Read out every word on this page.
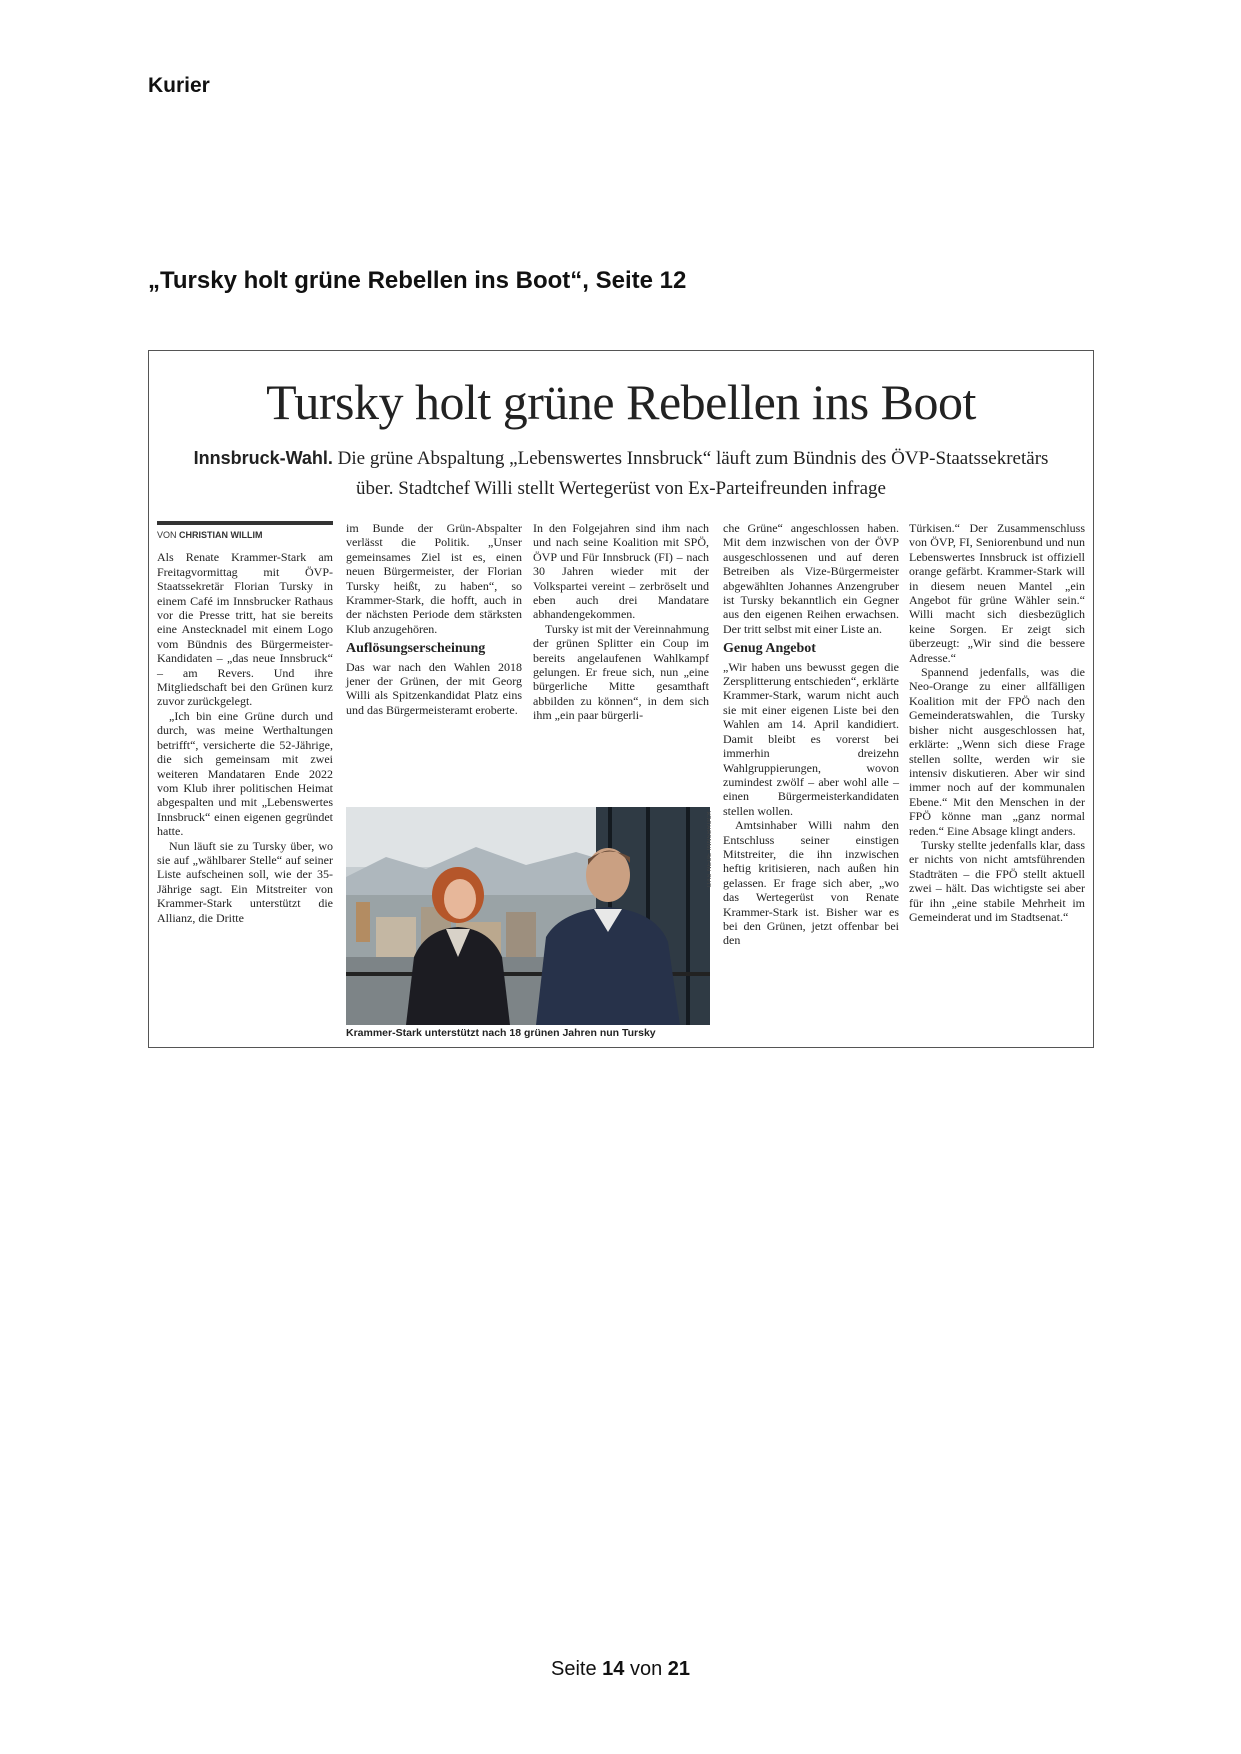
Kurier
„Tursky holt grüne Rebellen ins Boot“, Seite 12
Tursky holt grüne Rebellen ins Boot
Innsbruck-Wahl. Die grüne Abspaltung „Lebenswertes Innsbruck“ läuft zum Bündnis des ÖVP-Staatssekretärs über. Stadtchef Willi stellt Wertegerüst von Ex-Parteifreunden infrage
VON CHRISTIAN WILLIM

Als Renate Krammer-Stark am Freitagvormittag mit ÖVP-Staatssekretär Florian Tursky in einem Café im Innsbrucker Rathaus vor die Presse tritt, hat sie bereits eine Anstecknadel mit einem Logo vom Bündnis des Bürgermeister-Kandidaten – „das neue Innsbruck“ – am Revers. Und ihre Mitgliedschaft bei den Grünen kurz zuvor zurückgelegt.

„Ich bin eine Grüne durch und durch, was meine Werthaltungen betrifft“, versicherte die 52-Jährige, die sich gemeinsam mit zwei weiteren Mandataren Ende 2022 vom Klub ihrer politischen Heimat abgespalten und mit „Lebenswertes Innsbruck“ einen eigenen gegründet hatte.

Nun läuft sie zu Tursky über, wo sie auf „wählbarer Stelle“ auf seiner Liste aufscheinen soll, wie der 35-Jährige sagt. Ein Mitstreiter von Krammer-Stark unterstützt die Allianz, die Dritte

im Bunde der Grün-Abspalter verlässt die Politik. „Unser gemeinsames Ziel ist es, einen neuen Bürgermeister, der Florian Tursky heißt, zu haben“, so Krammer-Stark, die hofft, auch in der nächsten Periode dem stärksten Klub anzugehören.

Auflösungserscheinung

Das war nach den Wahlen 2018 jener der Grünen, der mit Georg Willi als Spitzenkandidat Platz eins und das Bürgermeisteramt eroberte.

In den Folgejahren sind ihm nach und nach seine Koalition mit SPÖ, ÖVP und Für Innsbruck (FI) – nach 30 Jahren wieder mit der Volkspartei vereint – zerbröselt und eben auch drei Mandatare abhandengekommen.

Tursky ist mit der Vereinnahmung der grünen Splitter ein Coup im bereits angelaufenen Wahlkampf gelungen. Er freue sich, nun „eine bürgerliche Mitte gesamthaft abbilden zu können“, in dem sich ihm „ein paar bürgerli-

che Grüne“ angeschlossen haben. Mit dem inzwischen von der ÖVP ausgeschlossenen und auf deren Betreiben als Vize-Bürgermeister abgewählten Johannes Anzengruber ist Tursky bekanntlich ein Gegner aus den eigenen Reihen erwachsen. Der tritt selbst mit einer Liste an.

Genug Angebot

„Wir haben uns bewusst gegen die Zersplitterung entschieden“, erklärte Krammer-Stark, warum nicht auch sie mit einer eigenen Liste bei den Wahlen am 14. April kandidiert. Damit bleibt es vorerst bei immerhin dreizehn Wahlgruppierungen, wovon zumindest zwölf – aber wohl alle – einen Bürgermeisterkandidaten stellen wollen.

Amtsinhaber Willi nahm den Entschluss seiner einstigen Mitstreiter, die ihn inzwischen heftig kritisieren, nach außen hin gelassen. Er frage sich aber, „wo das Wertegerüst von Renate Krammer-Stark ist. Bisher war es bei den Grünen, jetzt offenbar bei den

Türkisen.“ Der Zusammenschluss von ÖVP, FI, Seniorenbund und nun Lebenswertes Innsbruck ist offiziell orange gefärbt. Krammer-Stark will in diesem neuen Mantel „ein Angebot für grüne Wähler sein.“ Willi macht sich diesbezüglich keine Sorgen. Er zeigt sich überzeugt: „Wir sind die bessere Adresse.“

Spannend jedenfalls, was die Neo-Orange zu einer allfälligen Koalition mit der FPÖ nach den Gemeinderatswahlen, die Tursky bisher nicht ausgeschlossen hat, erklärte: „Wenn sich diese Frage stellen sollte, werden wir sie intensiv diskutieren. Aber wir sind immer noch auf der kommunalen Ebene.“ Mit den Menschen in der FPÖ könne man „ganz normal reden.“ Eine Absage klingt anders.

Tursky stellte jedenfalls klar, dass er nichts von nicht amtsführenden Stadträten – die FPÖ stellt aktuell zwei – hält. Das wichtigste sei aber für ihn „eine stabile Mehrheit im Gemeinderat und im Stadtsenat.“

DAS NEUE INNSBRUCK
Krammer-Stark unterstützt nach 18 grünen Jahren nun Tursky
Seite 14 von 21
